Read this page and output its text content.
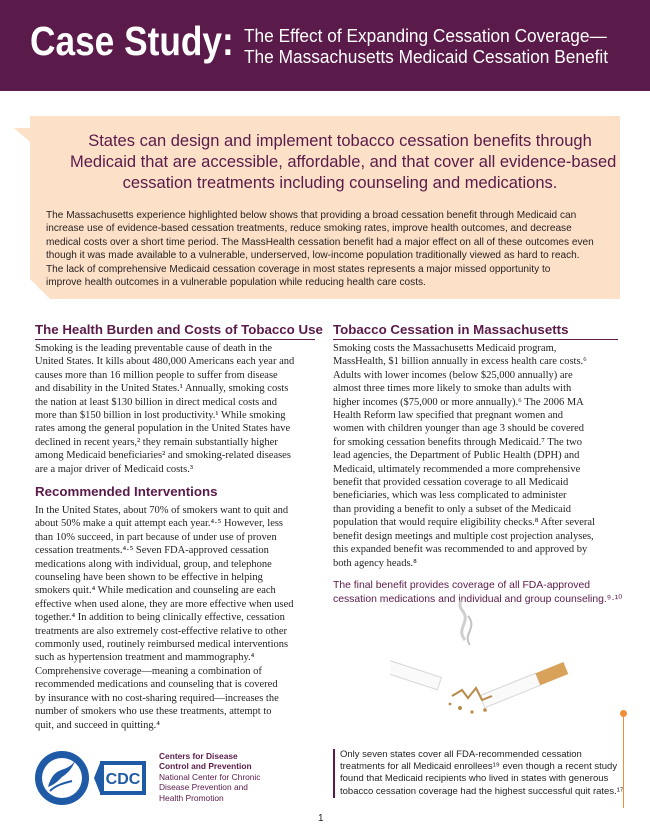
Case Study: The Effect of Expanding Cessation Coverage—
The Massachusetts Medicaid Cessation Benefit
States can design and implement tobacco cessation benefits through
Medicaid that are accessible, affordable, and that cover all evidence-based
cessation treatments including counseling and medications.
The Massachusetts experience highlighted below shows that providing a broad cessation benefit through Medicaid can
increase use of evidence-based cessation treatments, reduce smoking rates, improve health outcomes, and decrease
medical costs over a short time period. The MassHealth cessation benefit had a major effect on all of these outcomes even
though it was made available to a vulnerable, underserved, low-income population traditionally viewed as hard to reach.
The lack of comprehensive Medicaid cessation coverage in most states represents a major missed opportunity to
improve health outcomes in a vulnerable population while reducing health care costs.
The Health Burden and Costs of Tobacco Use
Smoking is the leading preventable cause of death in the
United States. It kills about 480,000 Americans each year and
causes more than 16 million people to suffer from disease
and disability in the United States.¹ Annually, smoking costs
the nation at least $130 billion in direct medical costs and
more than $150 billion in lost productivity.¹ While smoking
rates among the general population in the United States have
declined in recent years,² they remain substantially higher
among Medicaid beneficiaries² and smoking-related diseases
are a major driver of Medicaid costs.³
Recommended Interventions
In the United States, about 70% of smokers want to quit and
about 50% make a quit attempt each year.⁴·⁵ However, less
than 10% succeed, in part because of under use of proven
cessation treatments.⁴·⁵ Seven FDA-approved cessation
medications along with individual, group, and telephone
counseling have been shown to be effective in helping
smokers quit.⁴ While medication and counseling are each
effective when used alone, they are more effective when used
together.⁴ In addition to being clinically effective, cessation
treatments are also extremely cost-effective relative to other
commonly used, routinely reimbursed medical interventions
such as hypertension treatment and mammography.⁴
Comprehensive coverage—meaning a combination of
recommended medications and counseling that is covered
by insurance with no cost-sharing required—increases the
number of smokers who use these treatments, attempt to
quit, and succeed in quitting.⁴
Tobacco Cessation in Massachusetts
Smoking costs the Massachusetts Medicaid program,
MassHealth, $1 billion annually in excess health care costs.⁶
Adults with lower incomes (below $25,000 annually) are
almost three times more likely to smoke than adults with
higher incomes ($75,000 or more annually).⁶ The 2006 MA
Health Reform law specified that pregnant women and
women with children younger than age 3 should be covered
for smoking cessation benefits through Medicaid.⁷ The two
lead agencies, the Department of Public Health (DPH) and
Medicaid, ultimately recommended a more comprehensive
benefit that provided cessation coverage to all Medicaid
beneficiaries, which was less complicated to administer
than providing a benefit to only a subset of the Medicaid
population that would require eligibility checks.⁸ After several
benefit design meetings and multiple cost projection analyses,
this expanded benefit was recommended to and approved by
both agency heads.⁸
The final benefit provides coverage of all FDA-approved
cessation medications and individual and group counseling.⁹·¹⁰
Only seven states cover all FDA-recommended cessation
treatments for all Medicaid enrollees¹⁹ even though a recent study
found that Medicaid recipients who lived in states with generous
tobacco cessation coverage had the highest successful quit rates.¹⁷
CDC
Centers for Disease
Control and Prevention
National Center for Chronic
Disease Prevention and
Health Promotion
1
